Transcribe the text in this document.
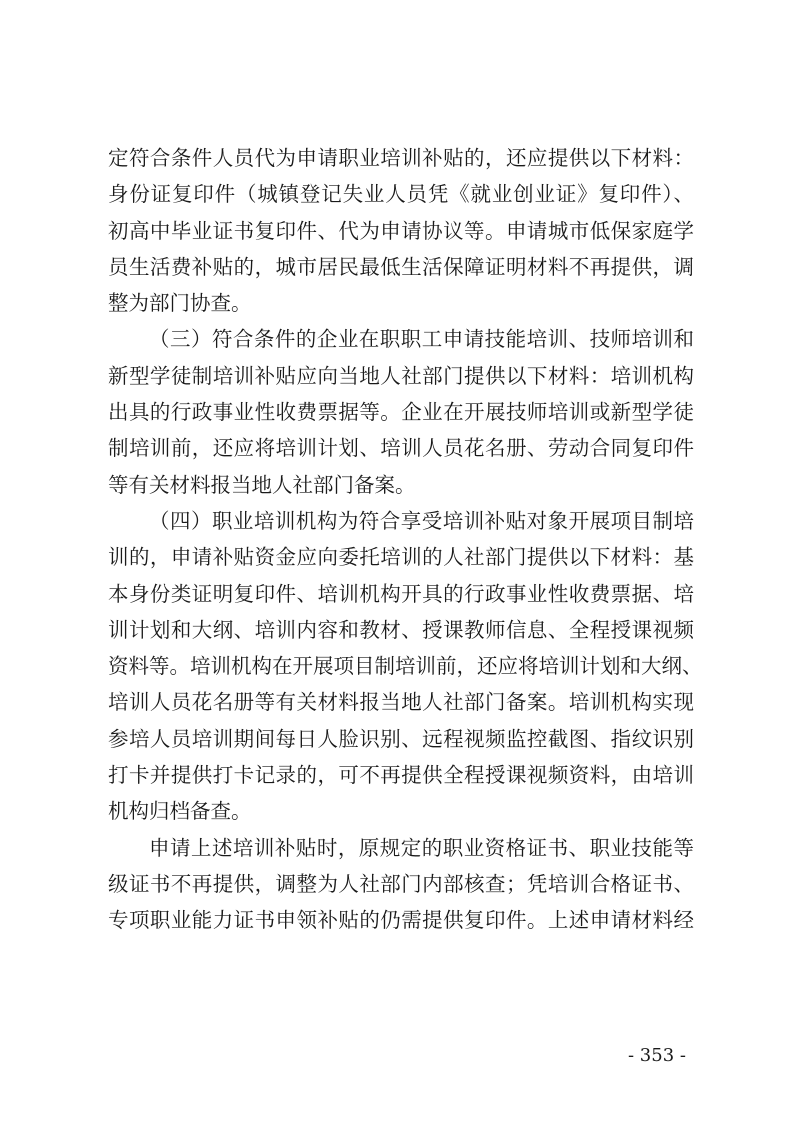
定符合条件人员代为申请职业培训补贴的，还应提供以下材料：
身份证复印件（城镇登记失业人员凭《就业创业证》复印件）、
初高中毕业证书复印件、代为申请协议等。申请城市低保家庭学
员生活费补贴的，城市居民最低生活保障证明材料不再提供，调
整为部门协查。
（三）符合条件的企业在职职工申请技能培训、技师培训和
新型学徒制培训补贴应向当地人社部门提供以下材料：培训机构
出具的行政事业性收费票据等。企业在开展技师培训或新型学徒
制培训前，还应将培训计划、培训人员花名册、劳动合同复印件
等有关材料报当地人社部门备案。
（四）职业培训机构为符合享受培训补贴对象开展项目制培
训的，申请补贴资金应向委托培训的人社部门提供以下材料：基
本身份类证明复印件、培训机构开具的行政事业性收费票据、培
训计划和大纲、培训内容和教材、授课教师信息、全程授课视频
资料等。培训机构在开展项目制培训前，还应将培训计划和大纲、
培训人员花名册等有关材料报当地人社部门备案。培训机构实现
参培人员培训期间每日人脸识别、远程视频监控截图、指纹识别
打卡并提供打卡记录的，可不再提供全程授课视频资料，由培训
机构归档备查。
申请上述培训补贴时，原规定的职业资格证书、职业技能等
级证书不再提供，调整为人社部门内部核查；凭培训合格证书、
专项职业能力证书申领补贴的仍需提供复印件。上述申请材料经
- 353 -
